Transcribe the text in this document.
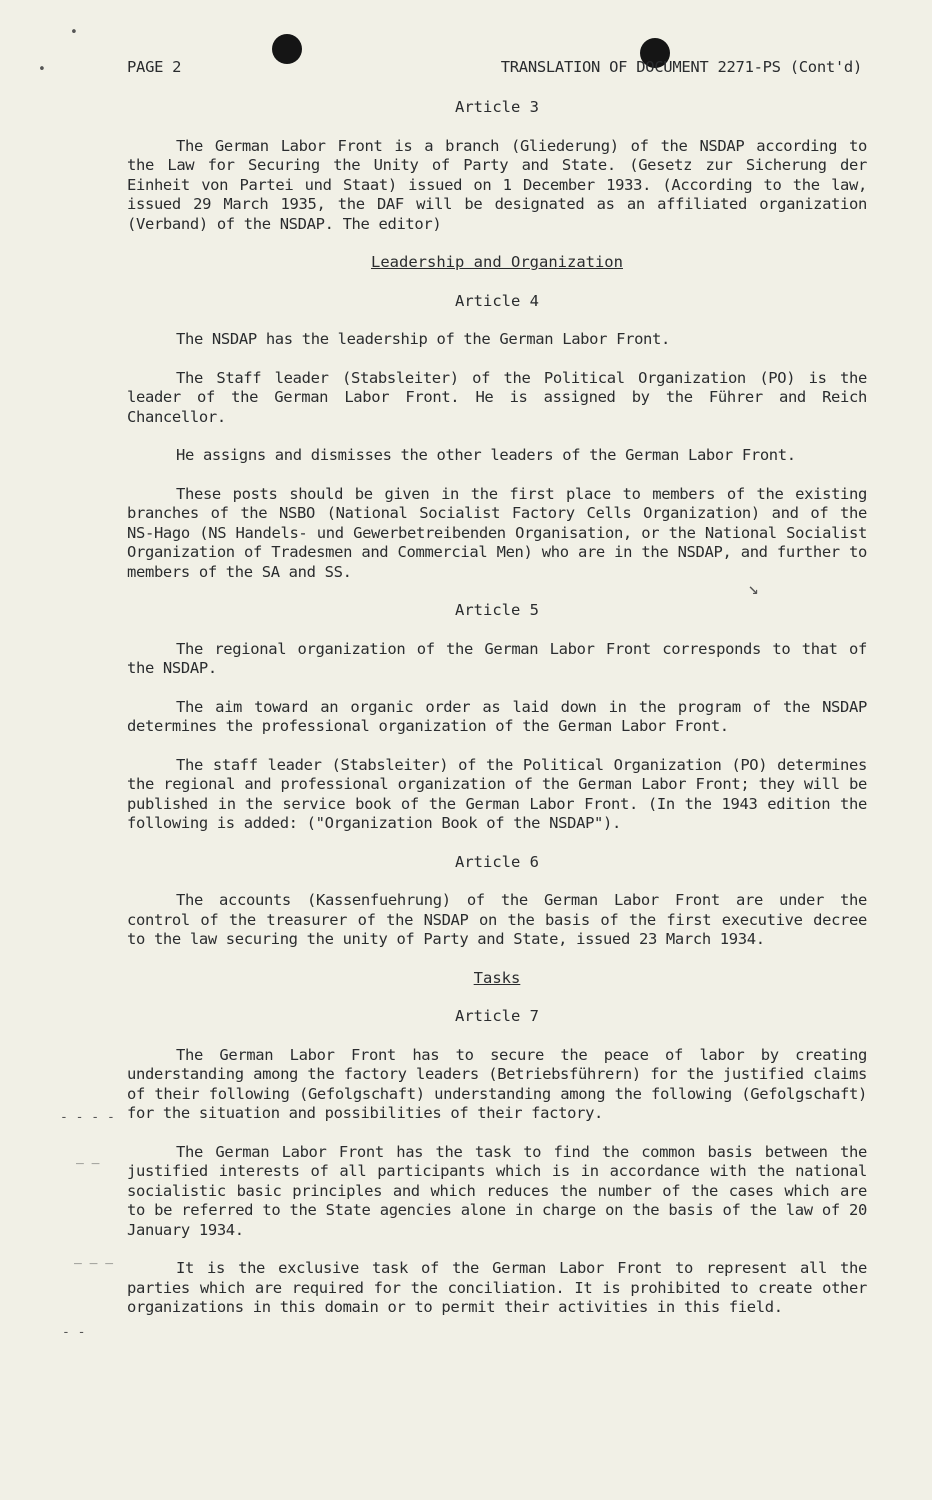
•
•
- - - -
_ _
_ _ _
- -
↘
PAGE 2	TRANSLATION OF DOCUMENT 2271-PS (Cont'd)
Article 3
The German Labor Front is a branch (Gliederung) of the NSDAP according to the Law for Securing the Unity of Party and State. (Gesetz zur Sicherung der Einheit von Partei und Staat) issued on 1 December 1933. (According to the law, issued 29 March 1935, the DAF will be designated as an affiliated organization (Verband) of the NSDAP. The editor)
Leadership and Organization
Article 4
The NSDAP has the leadership of the German Labor Front.
The Staff leader (Stabsleiter) of the Political Organization (PO) is the leader of the German Labor Front. He is assigned by the Führer and Reich Chancellor.
He assigns and dismisses the other leaders of the German Labor Front.
These posts should be given in the first place to members of the existing branches of the NSBO (National Socialist Factory Cells Organization) and of the NS-Hago (NS Handels- und Gewerbetreibenden Organisation, or the National Socialist Organization of Tradesmen and Commercial Men) who are in the NSDAP, and further to members of the SA and SS.
Article 5
The regional organization of the German Labor Front corresponds to that of the NSDAP.
The aim toward an organic order as laid down in the program of the NSDAP determines the professional organization of the German Labor Front.
The staff leader (Stabsleiter) of the Political Organization (PO) determines the regional and professional organization of the German Labor Front; they will be published in the service book of the German Labor Front. (In the 1943 edition the following is added: ("Organization Book of the NSDAP").
Article 6
The accounts (Kassenfuehrung) of the German Labor Front are under the control of the treasurer of the NSDAP on the basis of the first executive decree to the law securing the unity of Party and State, issued 23 March 1934.
Tasks
Article 7
The German Labor Front has to secure the peace of labor by creating understanding among the factory leaders (Betriebsführern) for the justified claims of their following (Gefolgschaft) understanding among the following (Gefolgschaft) for the situation and possibilities of their factory.
The German Labor Front has the task to find the common basis between the justified interests of all participants which is in accordance with the national socialistic basic principles and which reduces the number of the cases which are to be referred to the State agencies alone in charge on the basis of the law of 20 January 1934.
It is the exclusive task of the German Labor Front to represent all the parties which are required for the conciliation. It is prohibited to create other organizations in this domain or to permit their activities in this field.
